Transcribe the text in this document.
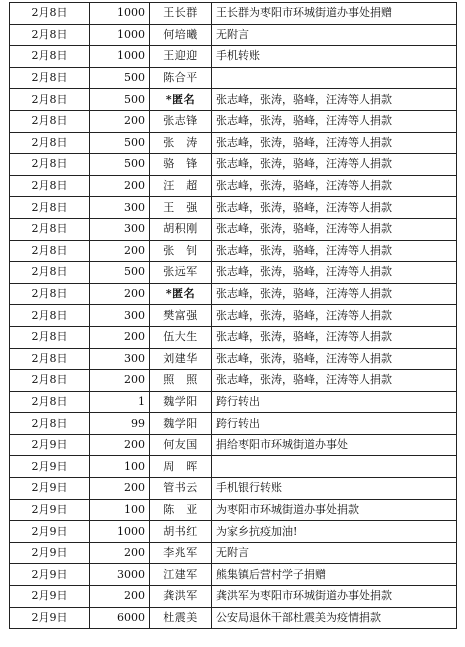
2月8日	1000	王长群	王长群为枣阳市环城街道办事处捐赠
2月8日	1000	何培曦	无附言
2月8日	1000	王迎迎	手机转账
2月8日	500	陈合平	
2月8日	500	*匿名	张志峰，张涛，骆峰，汪涛等人捐款
2月8日	200	张志锋	张志峰，张涛，骆峰，汪涛等人捐款
2月8日	500	张　涛	张志峰，张涛，骆峰，汪涛等人捐款
2月8日	500	骆　锋	张志峰，张涛，骆峰，汪涛等人捐款
2月8日	200	汪　超	张志峰，张涛，骆峰，汪涛等人捐款
2月8日	300	王　强	张志峰，张涛，骆峰，汪涛等人捐款
2月8日	300	胡积刚	张志峰，张涛，骆峰，汪涛等人捐款
2月8日	200	张　钊	张志峰，张涛，骆峰，汪涛等人捐款
2月8日	500	张远军	张志峰，张涛，骆峰，汪涛等人捐款
2月8日	200	*匿名	张志峰，张涛，骆峰，汪涛等人捐款
2月8日	300	樊富强	张志峰，张涛，骆峰，汪涛等人捐款
2月8日	200	伍大生	张志峰，张涛，骆峰，汪涛等人捐款
2月8日	300	刘建华	张志峰，张涛，骆峰，汪涛等人捐款
2月8日	200	照　照	张志峰，张涛，骆峰，汪涛等人捐款
2月8日	1	魏学阳	跨行转出
2月8日	99	魏学阳	跨行转出
2月9日	200	何友国	捐给枣阳市环城街道办事处
2月9日	100	周　晖	
2月9日	200	管书云	手机银行转账
2月9日	100	陈　亚	为枣阳市环城街道办事处捐款
2月9日	1000	胡书红	为家乡抗疫加油!
2月9日	200	李兆军	无附言
2月9日	3000	江建军	熊集镇后营村学子捐赠
2月9日	200	龚洪军	龚洪军为枣阳市环城街道办事处捐款
2月9日	6000	杜震美	公安局退休干部杜震美为疫情捐款
